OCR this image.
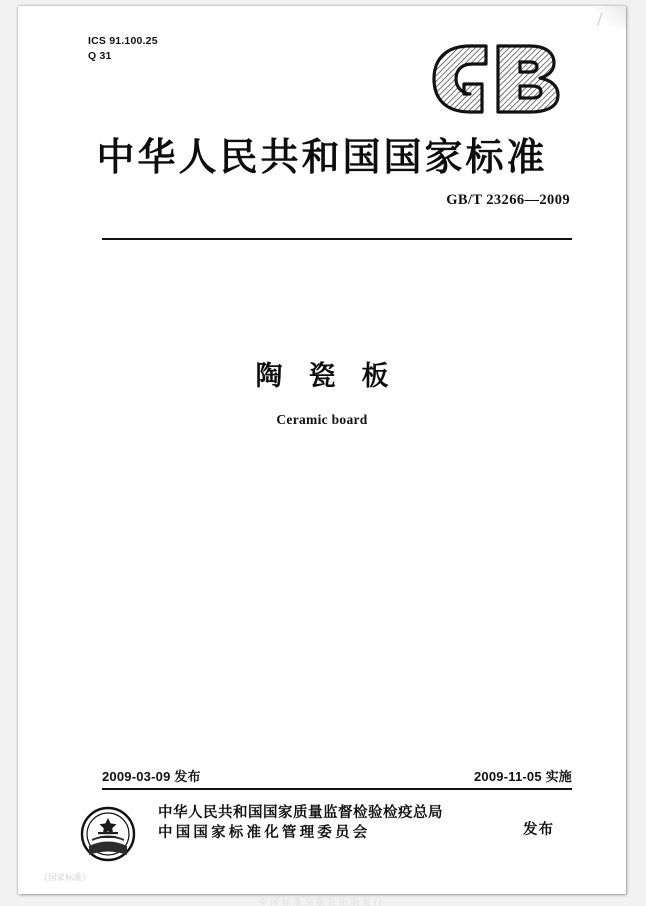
ICS 91.100.25
Q 31
中华人民共和国国家标准
GB/T 23266—2009
陶瓷板
Ceramic board
2009-03-09 发布	2009-11-05 实施
中华人民共和国国家质量监督检验检疫总局
中国国家标准化管理委员会	发布
《国家标准》
中国标准出版社出版发行
